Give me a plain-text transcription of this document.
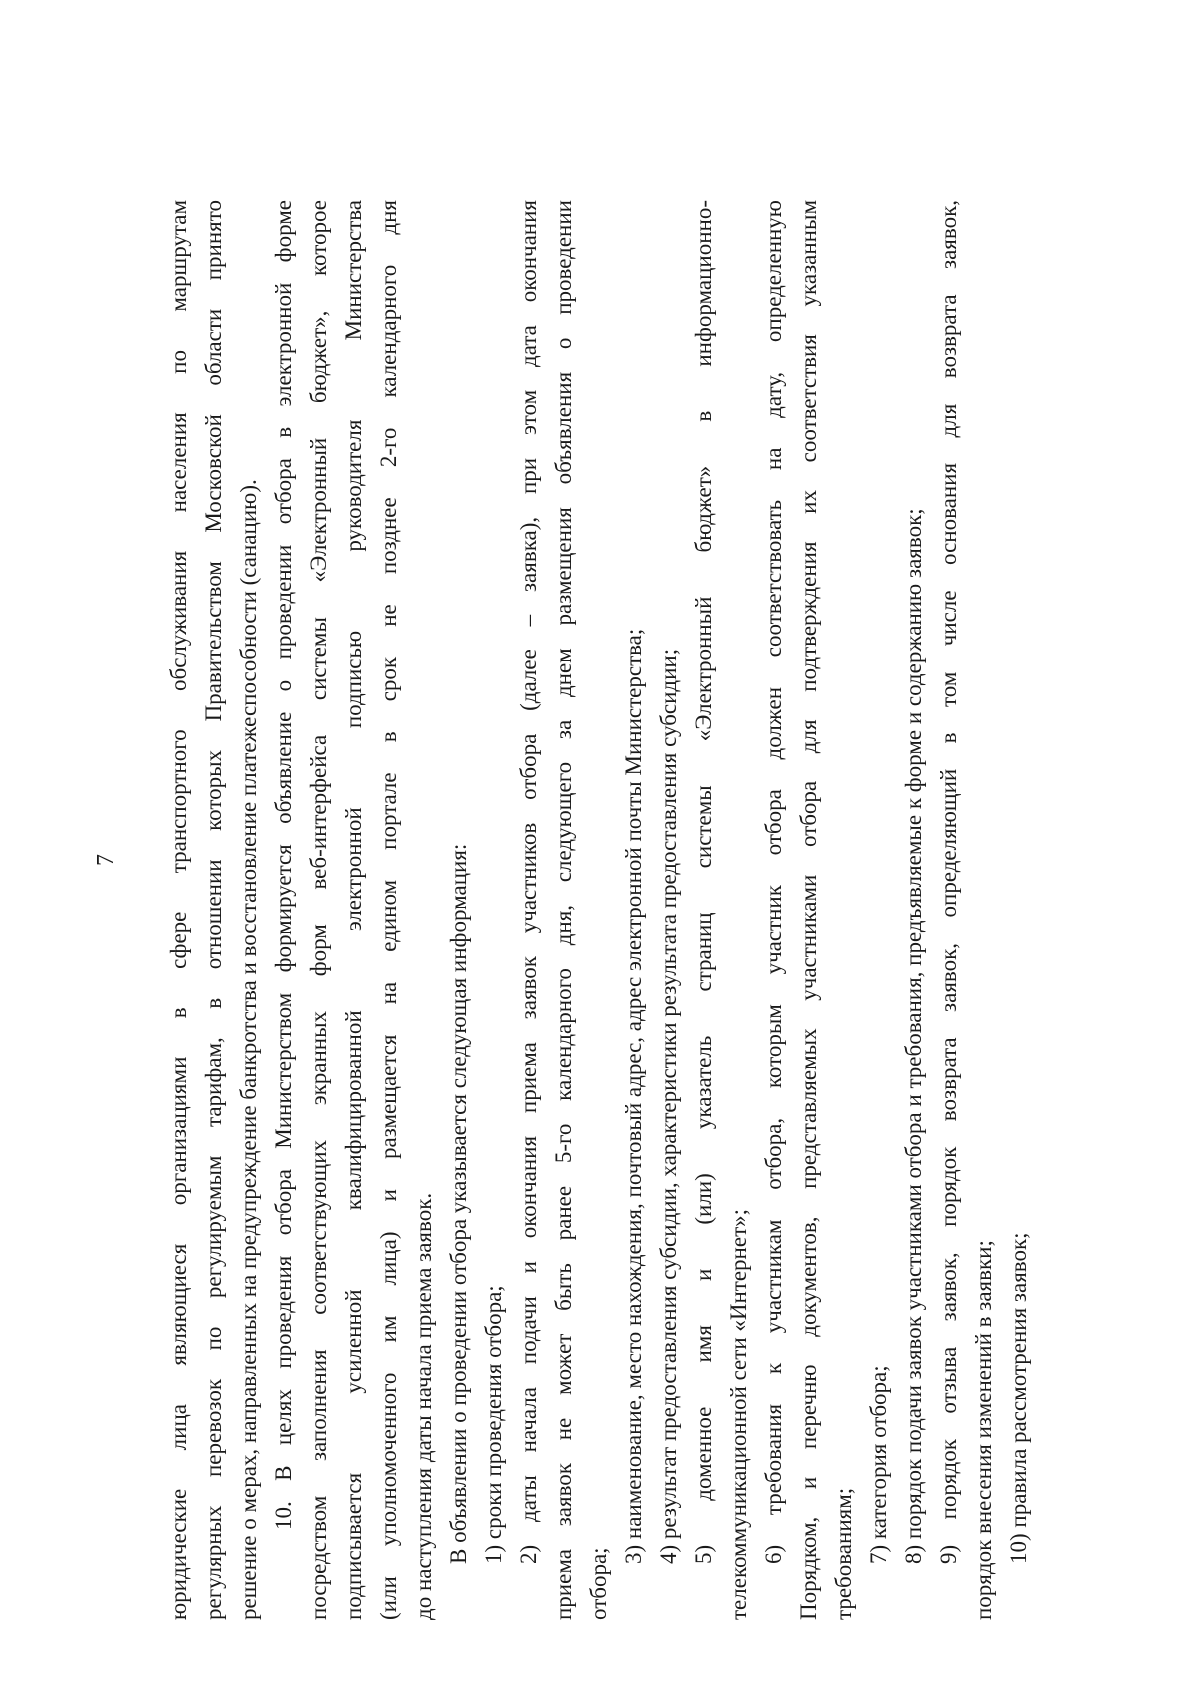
7 юридические лица являющиеся организациями в сфере транспортного обслуживания населения по маршрутам регулярных перевозок по регулируемым тарифам, в отношении которых Правительством Московской области принято решение о мерах, направленных на предупреждение банкротства и восстановление платежеспособности (санацию). 10. В целях проведения отбора Министерством формируется объявление о проведении отбора в электронной форме посредством заполнения соответствующих экранных форм веб-интерфейса системы «Электронный бюджет», которое подписывается усиленной квалифицированной электронной подписью руководителя Министерства (или уполномоченного им лица) и размещается на едином портале в срок не позднее 2-го календарного дня до наступления даты начала приема заявок. В объявлении о проведении отбора указывается следующая информация: 1) сроки проведения отбора; 2) даты начала подачи и окончания приема заявок участников отбора (далее – заявка), при этом дата окончания приема заявок не может быть ранее 5-го календарного дня, следующего за днем размещения объявления о проведении отбора;
3) наименование, место нахождения, почтовый адрес, адрес электронной почты Министерства; 4) результат предоставления субсидии, характеристики результата предоставления субсидии; 5) доменное имя и (или) указатель страниц системы «Электронный бюджет» в информационно- телекоммуникационной сети «Интернет»; 6) требования к участникам отбора, которым участник отбора должен соответствовать на дату, определенную Порядком, и перечню документов, представляемых участниками отбора для подтверждения их соответствия указанным требованиям; 7) категория отбора; 8) порядок подачи заявок участниками отбора и требования, предъявляемые к форме и содержанию заявок; 9) порядок отзыва заявок, порядок возврата заявок, определяющий в том числе основания для возврата заявок, порядок внесения изменений в заявки; 10) правила рассмотрения заявок;
